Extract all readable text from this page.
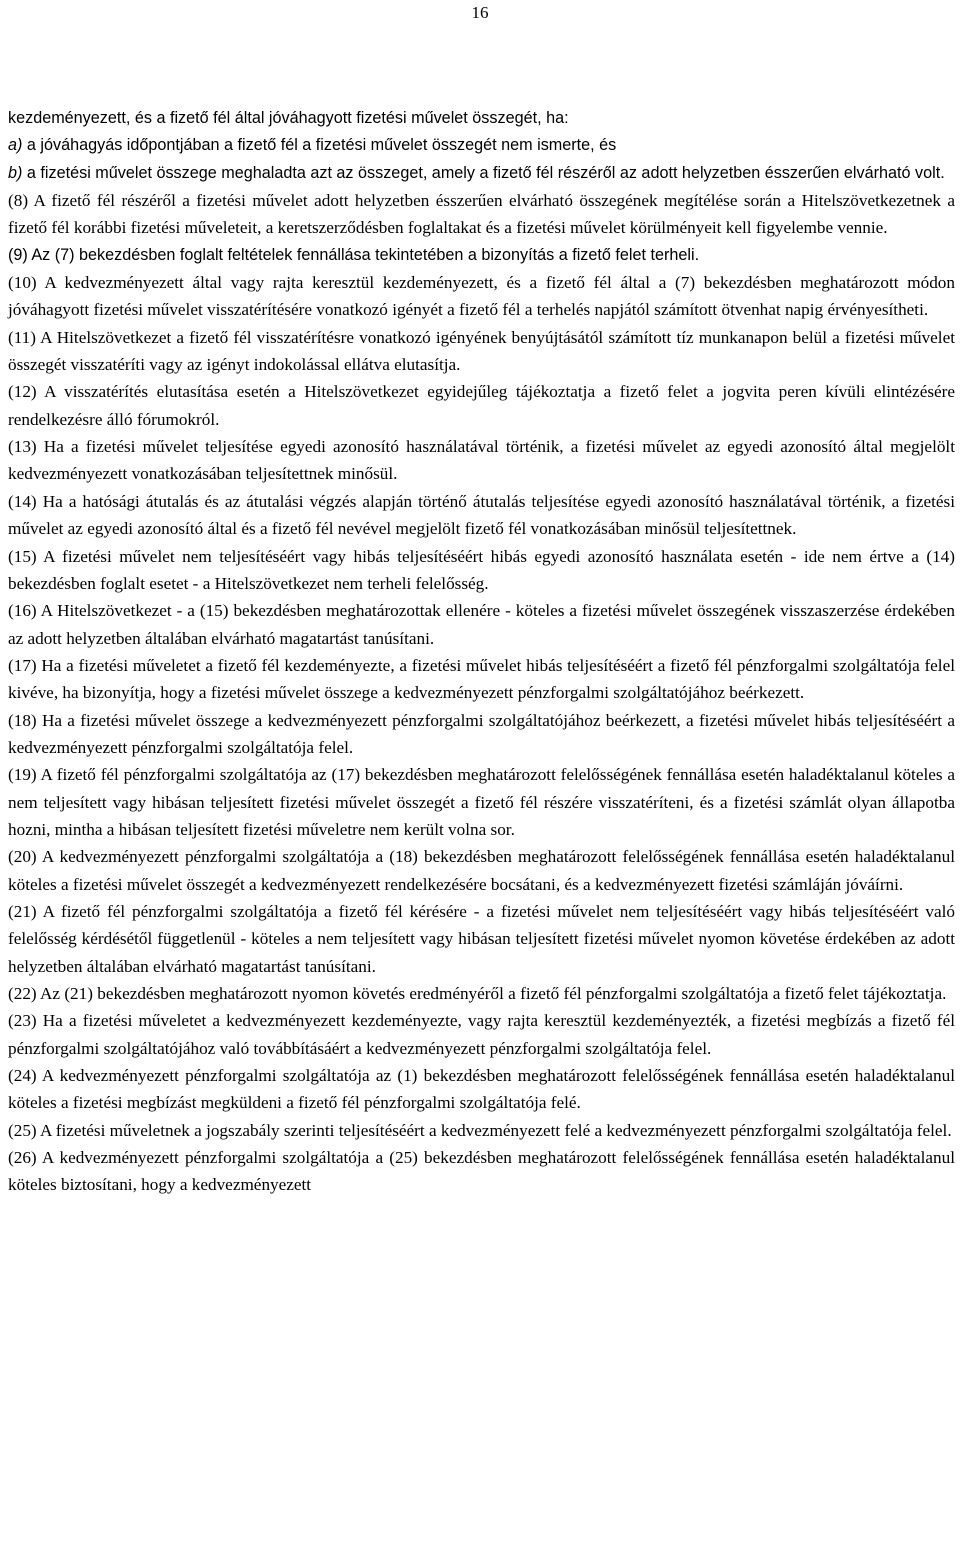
16

kezdeményezett, és a fizető fél által jóváhagyott fizetési művelet összegét, ha:

a) a jóváhagyás időpontjában a fizető fél a fizetési művelet összegét nem ismerte, és

b) a fizetési művelet összege meghaladta azt az összeget, amely a fizető fél részéről az adott helyzetben ésszerűen elvárható volt.

(8) A fizető fél részéről a fizetési művelet adott helyzetben ésszerűen elvárható összegének megítélése során a Hitelszövetkezetnek a fizető fél korábbi fizetési műveleteit, a keretszerződésben foglaltakat és a fizetési művelet körülményeit kell figyelembe vennie.

(9) Az (7) bekezdésben foglalt feltételek fennállása tekintetében a bizonyítás a fizető felet terheli.

(10) A kedvezményezett által vagy rajta keresztül kezdeményezett, és a fizető fél által a (7) bekezdésben meghatározott módon jóváhagyott fizetési művelet visszatérítésére vonatkozó igényét a fizető fél a terhelés napjától számított ötvenhat napig érvényesítheti.

(11) A Hitelszövetkezet a fizető fél visszatérítésre vonatkozó igényének benyújtásától számított tíz munkanapon belül a fizetési művelet összegét visszatéríti vagy az igényt indokolással ellátva elutasítja.

(12) A visszatérítés elutasítása esetén a Hitelszövetkezet egyidejűleg tájékoztatja a fizető felet a jogvita peren kívüli elintézésére rendelkezésre álló fórumokról.

(13) Ha a fizetési művelet teljesítése egyedi azonosító használatával történik, a fizetési művelet az egyedi azonosító által megjelölt kedvezményezett vonatkozásában teljesítettnek minősül.

(14) Ha a hatósági átutalás és az átutalási végzés alapján történő átutalás teljesítése egyedi azonosító használatával történik, a fizetési művelet az egyedi azonosító által és a fizető fél nevével megjelölt fizető fél vonatkozásában minősül teljesítettnek.

(15) A fizetési művelet nem teljesítéséért vagy hibás teljesítéséért hibás egyedi azonosító használata esetén - ide nem értve a (14) bekezdésben foglalt esetet - a Hitelszövetkezet nem terheli felelősség.

(16) A Hitelszövetkezet - a (15) bekezdésben meghatározottak ellenére - köteles a fizetési művelet összegének visszaszerzése érdekében az adott helyzetben általában elvárható magatartást tanúsítani.

(17) Ha a fizetési műveletet a fizető fél kezdeményezte, a fizetési művelet hibás teljesítéséért a fizető fél pénzforgalmi szolgáltatója felel kivéve, ha bizonyítja, hogy a fizetési művelet összege a kedvezményezett pénzforgalmi szolgáltatójához beérkezett.

(18) Ha a fizetési művelet összege a kedvezményezett pénzforgalmi szolgáltatójához beérkezett, a fizetési művelet hibás teljesítéséért a kedvezményezett pénzforgalmi szolgáltatója felel.

(19) A fizető fél pénzforgalmi szolgáltatója az (17) bekezdésben meghatározott felelősségének fennállása esetén haladéktalanul köteles a nem teljesített vagy hibásan teljesített fizetési művelet összegét a fizető fél részére visszatéríteni, és a fizetési számlát olyan állapotba hozni, mintha a hibásan teljesített fizetési műveletre nem került volna sor.

(20) A kedvezményezett pénzforgalmi szolgáltatója a (18) bekezdésben meghatározott felelősségének fennállása esetén haladéktalanul köteles a fizetési művelet összegét a kedvezményezett rendelkezésére bocsátani, és a kedvezményezett fizetési számláján jóváírni.

(21) A fizető fél pénzforgalmi szolgáltatója a fizető fél kérésére - a fizetési művelet nem teljesítéséért vagy hibás teljesítéséért való felelősség kérdésétől függetlenül - köteles a nem teljesített vagy hibásan teljesített fizetési művelet nyomon követése érdekében az adott helyzetben általában elvárható magatartást tanúsítani.

(22) Az (21) bekezdésben meghatározott nyomon követés eredményéről a fizető fél pénzforgalmi szolgáltatója a fizető felet tájékoztatja.

(23) Ha a fizetési műveletet a kedvezményezett kezdeményezte, vagy rajta keresztül kezdeményezték, a fizetési megbízás a fizető fél pénzforgalmi szolgáltatójához való továbbításáért a kedvezményezett pénzforgalmi szolgáltatója felel.

(24) A kedvezményezett pénzforgalmi szolgáltatója az (1) bekezdésben meghatározott felelősségének fennállása esetén haladéktalanul köteles a fizetési megbízást megküldeni a fizető fél pénzforgalmi szolgáltatója felé.

(25) A fizetési műveletnek a jogszabály szerinti teljesítéséért a kedvezményezett felé a kedvezményezett pénzforgalmi szolgáltatója felel.

(26) A kedvezményezett pénzforgalmi szolgáltatója a (25) bekezdésben meghatározott felelősségének fennállása esetén haladéktalanul köteles biztosítani, hogy a kedvezményezett
